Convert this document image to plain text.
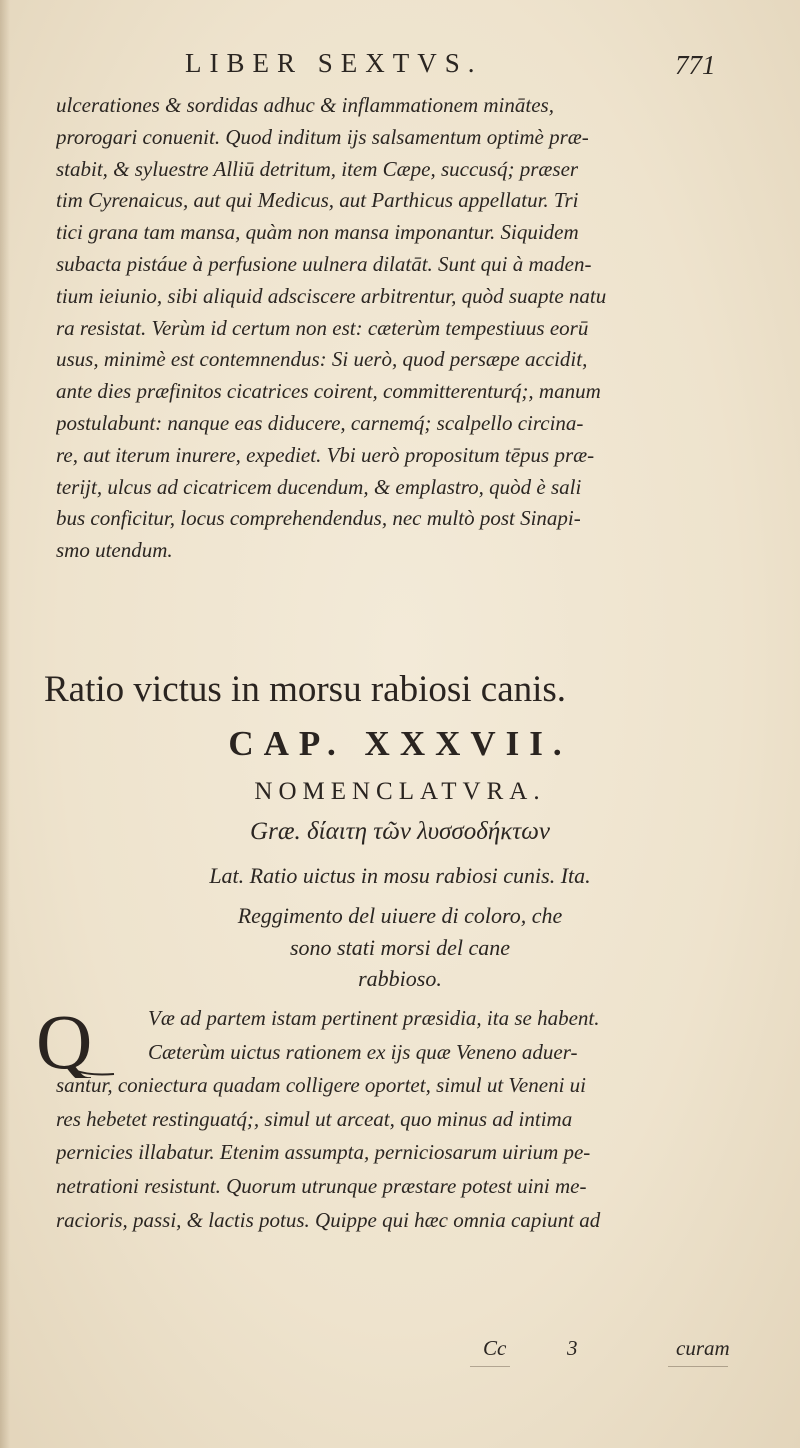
LIBER SEXTVS.	771
ulcerationes & sordidas adhuc & inflammationem minātes,
prorogari conuenit. Quod inditum ijs salsamentum optimè præ-
stabit, & syluestre Alliū detritum, item Cæpe, succusq́; præser
tim Cyrenaicus, aut qui Medicus, aut Parthicus appellatur. Tri
tici grana tam mansa, quàm non mansa imponantur. Siquidem
subacta pistáue à perfusione uulnera dilatāt. Sunt qui à maden-
tium ieiunio, sibi aliquid adsciscere arbitrentur, quòd suapte natu
ra resistat. Verùm id certum non est: cæterùm tempestiuus eorū
usus, minimè est contemnendus: Si uerò, quod persæpe accidit,
ante dies præfinitos cicatrices coirent, committerenturq́;, manum
postulabunt: nanque eas diducere, carnemq́; scalpello circina-
re, aut iterum inurere, expediet. Vbi uerò propositum tēpus præ-
terijt, ulcus ad cicatricem ducendum, & emplastro, quòd è sali
bus conficitur, locus comprehendendus, nec multò post Sinapi-
smo utendum.
Ratio victus in morsu rabiosi canis.
CAP. XXXVII.
NOMENCLATVRA.
Græ. δίαιτη τῶν λυσσοδήκτων
Lat. Ratio uictus in mosu rabiosi cunis. Ita.
Reggimento del uiuere di coloro, che
sono stati morsi del cane
rabbioso.
Q	Væ ad partem istam pertinent præsidia, ita se habent.
Cæterùm uictus rationem ex ijs quæ Veneno aduer-
santur, coniectura quadam colligere oportet, simul ut Veneni ui
res hebetet restinguatq́;, simul ut arceat, quo minus ad intima
pernicies illabatur. Etenim assumpta, perniciosarum uirium pe-
netrationi resistunt. Quorum utrunque præstare potest uini me-
racioris, passi, & lactis potus. Quippe qui hæc omnia capiunt ad
Cc	3	curam
